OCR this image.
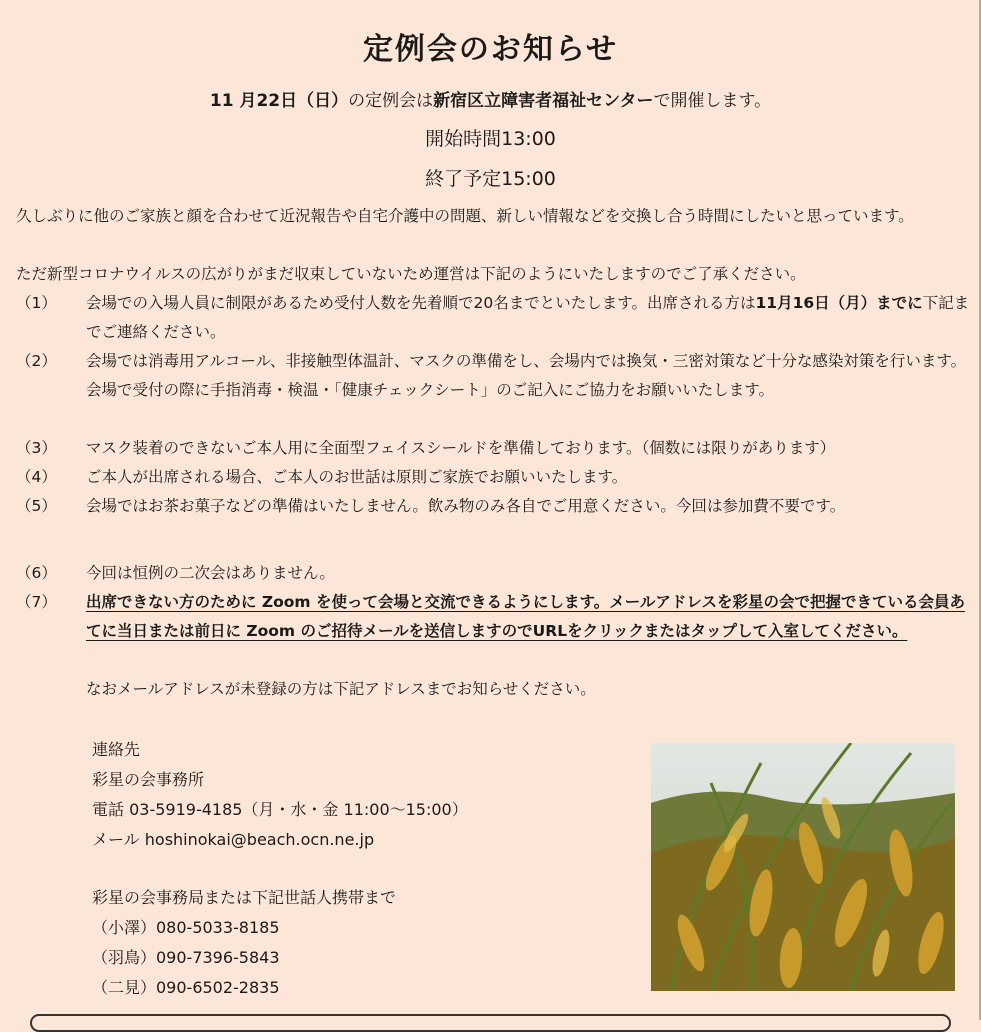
定例会のお知らせ
11 月22日（日）の定例会は新宿区立障害者福祉センターで開催します。
開始時間13:00
終了予定15:00
久しぶりに他のご家族と顔を合わせて近況報告や自宅介護中の問題、新しい情報などを交換し合う時間にしたいと思っています。
ただ新型コロナウイルスの広がりがまだ収束していないため運営は下記のようにいたしますのでご了承ください。
（1）	会場での入場人員に制限があるため受付人数を先着順で20名までといたします。出席される方は11月16日（月）までに下記までご連絡ください。
（2）	会場では消毒用アルコール、非接触型体温計、マスクの準備をし、会場内では換気・三密対策など十分な感染対策を行います。会場で受付の際に手指消毒・検温・「健康チェックシート」のご記入にご協力をお願いいたします。
（3）	マスク装着のできないご本人用に全面型フェイスシールドを準備しております。（個数には限りがあります）
（4）	ご本人が出席される場合、ご本人のお世話は原則ご家族でお願いいたします。
（5）	会場ではお茶お菓子などの準備はいたしません。飲み物のみ各自でご用意ください。今回は参加費不要です。
（6）	今回は恒例の二次会はありません。
（7）	出席できない方のために Zoom を使って会場と交流できるようにします。メールアドレスを彩星の会で把握できている会員あてに当日または前日に Zoom のご招待メールを送信しますのでURLをクリックまたはタップして入室してください。
なおメールアドレスが未登録の方は下記アドレスまでお知らせください。
連絡先
彩星の会事務所
電話 03-5919-4185（月・水・金 11:00〜15:00）
メール hoshinokai@beach.ocn.ne.jp
彩星の会事務局または下記世話人携帯まで
（小澤）080-5033-8185
（羽鳥）090-7396-5843
（二見）090-6502-2835
